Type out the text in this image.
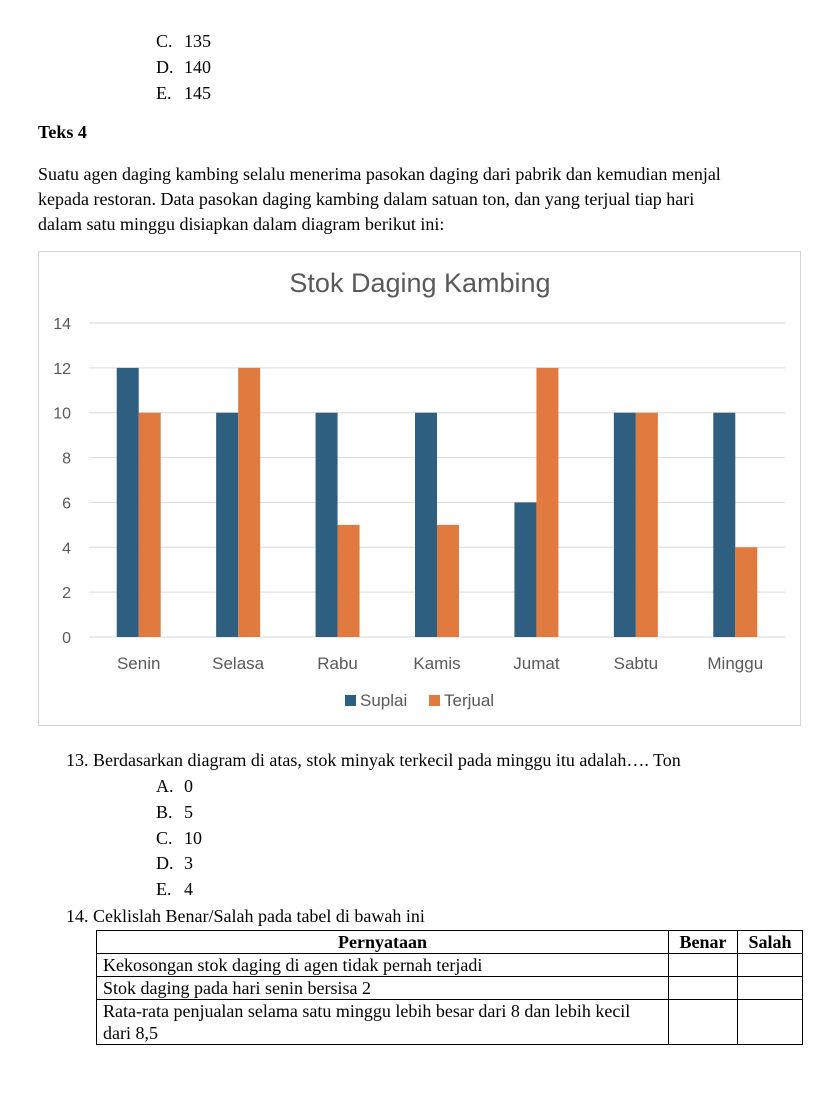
C. 135
D. 140
E. 145
Teks 4
Suatu agen daging kambing selalu menerima pasokan daging dari pabrik dan kemudian menjal
kepada restoran. Data pasokan daging kambing dalam satuan ton, dan yang terjual tiap hari
dalam satu minggu disiapkan dalam diagram berikut ini:
Stok Daging Kambing
0
2
4
6
8
10
12
14
Senin	Selasa	Rabu	Kamis	Jumat	Sabtu	Minggu
Suplai Terjual
13. Berdasarkan diagram di atas, stok minyak terkecil pada minggu itu adalah…. Ton
A. 0
B. 5
C. 10
D. 3
E. 4
14. Ceklislah Benar/Salah pada tabel di bawah ini
Pernyataan	Benar	Salah
Kekosongan stok daging di agen tidak pernah terjadi		
Stok daging pada hari senin bersisa 2		
Rata-rata penjualan selama satu minggu lebih besar dari 8 dan lebih kecil dari 8,5		
